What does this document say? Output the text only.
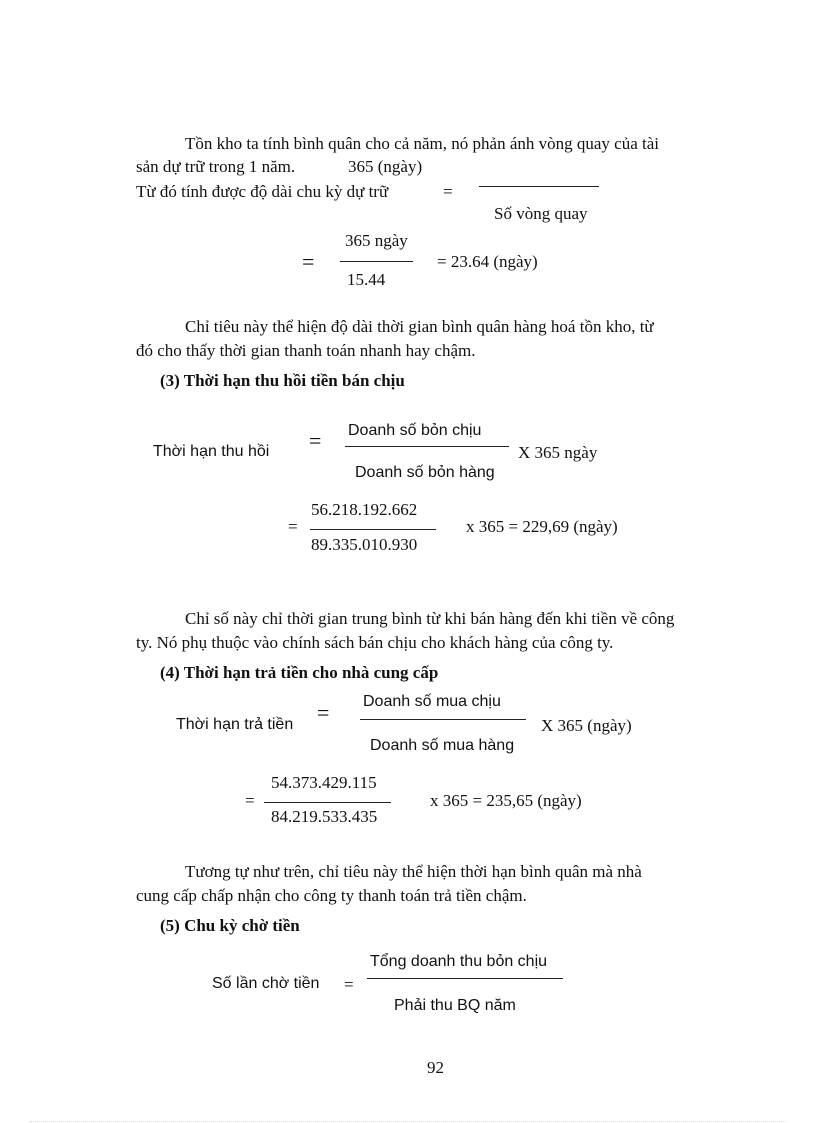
Tồn kho ta tính bình quân cho cả năm, nó phản ánh vòng quay của tài
sản dự trữ trong 1 năm.	365 (ngày)
Từ đó tính được độ dài chu kỳ dự trữ	=
Số vòng quay
365 ngày
=	= 23.64 (ngày)
15.44
Chỉ tiêu này thể hiện độ dài thời gian bình quân hàng hoá tồn kho, từ
đó cho thấy thời gian thanh toán nhanh hay chậm.
(3) Thời hạn thu hồi tiền bán chịu
Doanh số bỏn chịu
=
Thời hạn thu hồi	X 365 ngày
Doanh số bỏn hàng
56.218.192.662
=	x 365 = 229,69 (ngày)
89.335.010.930
Chỉ số này chỉ thời gian trung bình từ khi bán hàng đến khi tiền về công
ty. Nó phụ thuộc vào chính sách bán chịu cho khách hàng của công ty.
(4) Thời hạn trả tiền cho nhà cung cấp
Doanh số mua chịu
=
Thời hạn trả tiền	X 365 (ngày)
Doanh số mua hàng
54.373.429.115
=	x 365 = 235,65 (ngày)
84.219.533.435
Tương tự như trên, chỉ tiêu này thể hiện thời hạn bình quân mà nhà
cung cấp chấp nhận cho công ty thanh toán trả tiền chậm.
(5) Chu kỳ chờ tiền
Tổng doanh thu bỏn chịu
Số lần chờ tiền =
Phải thu BQ năm
92
